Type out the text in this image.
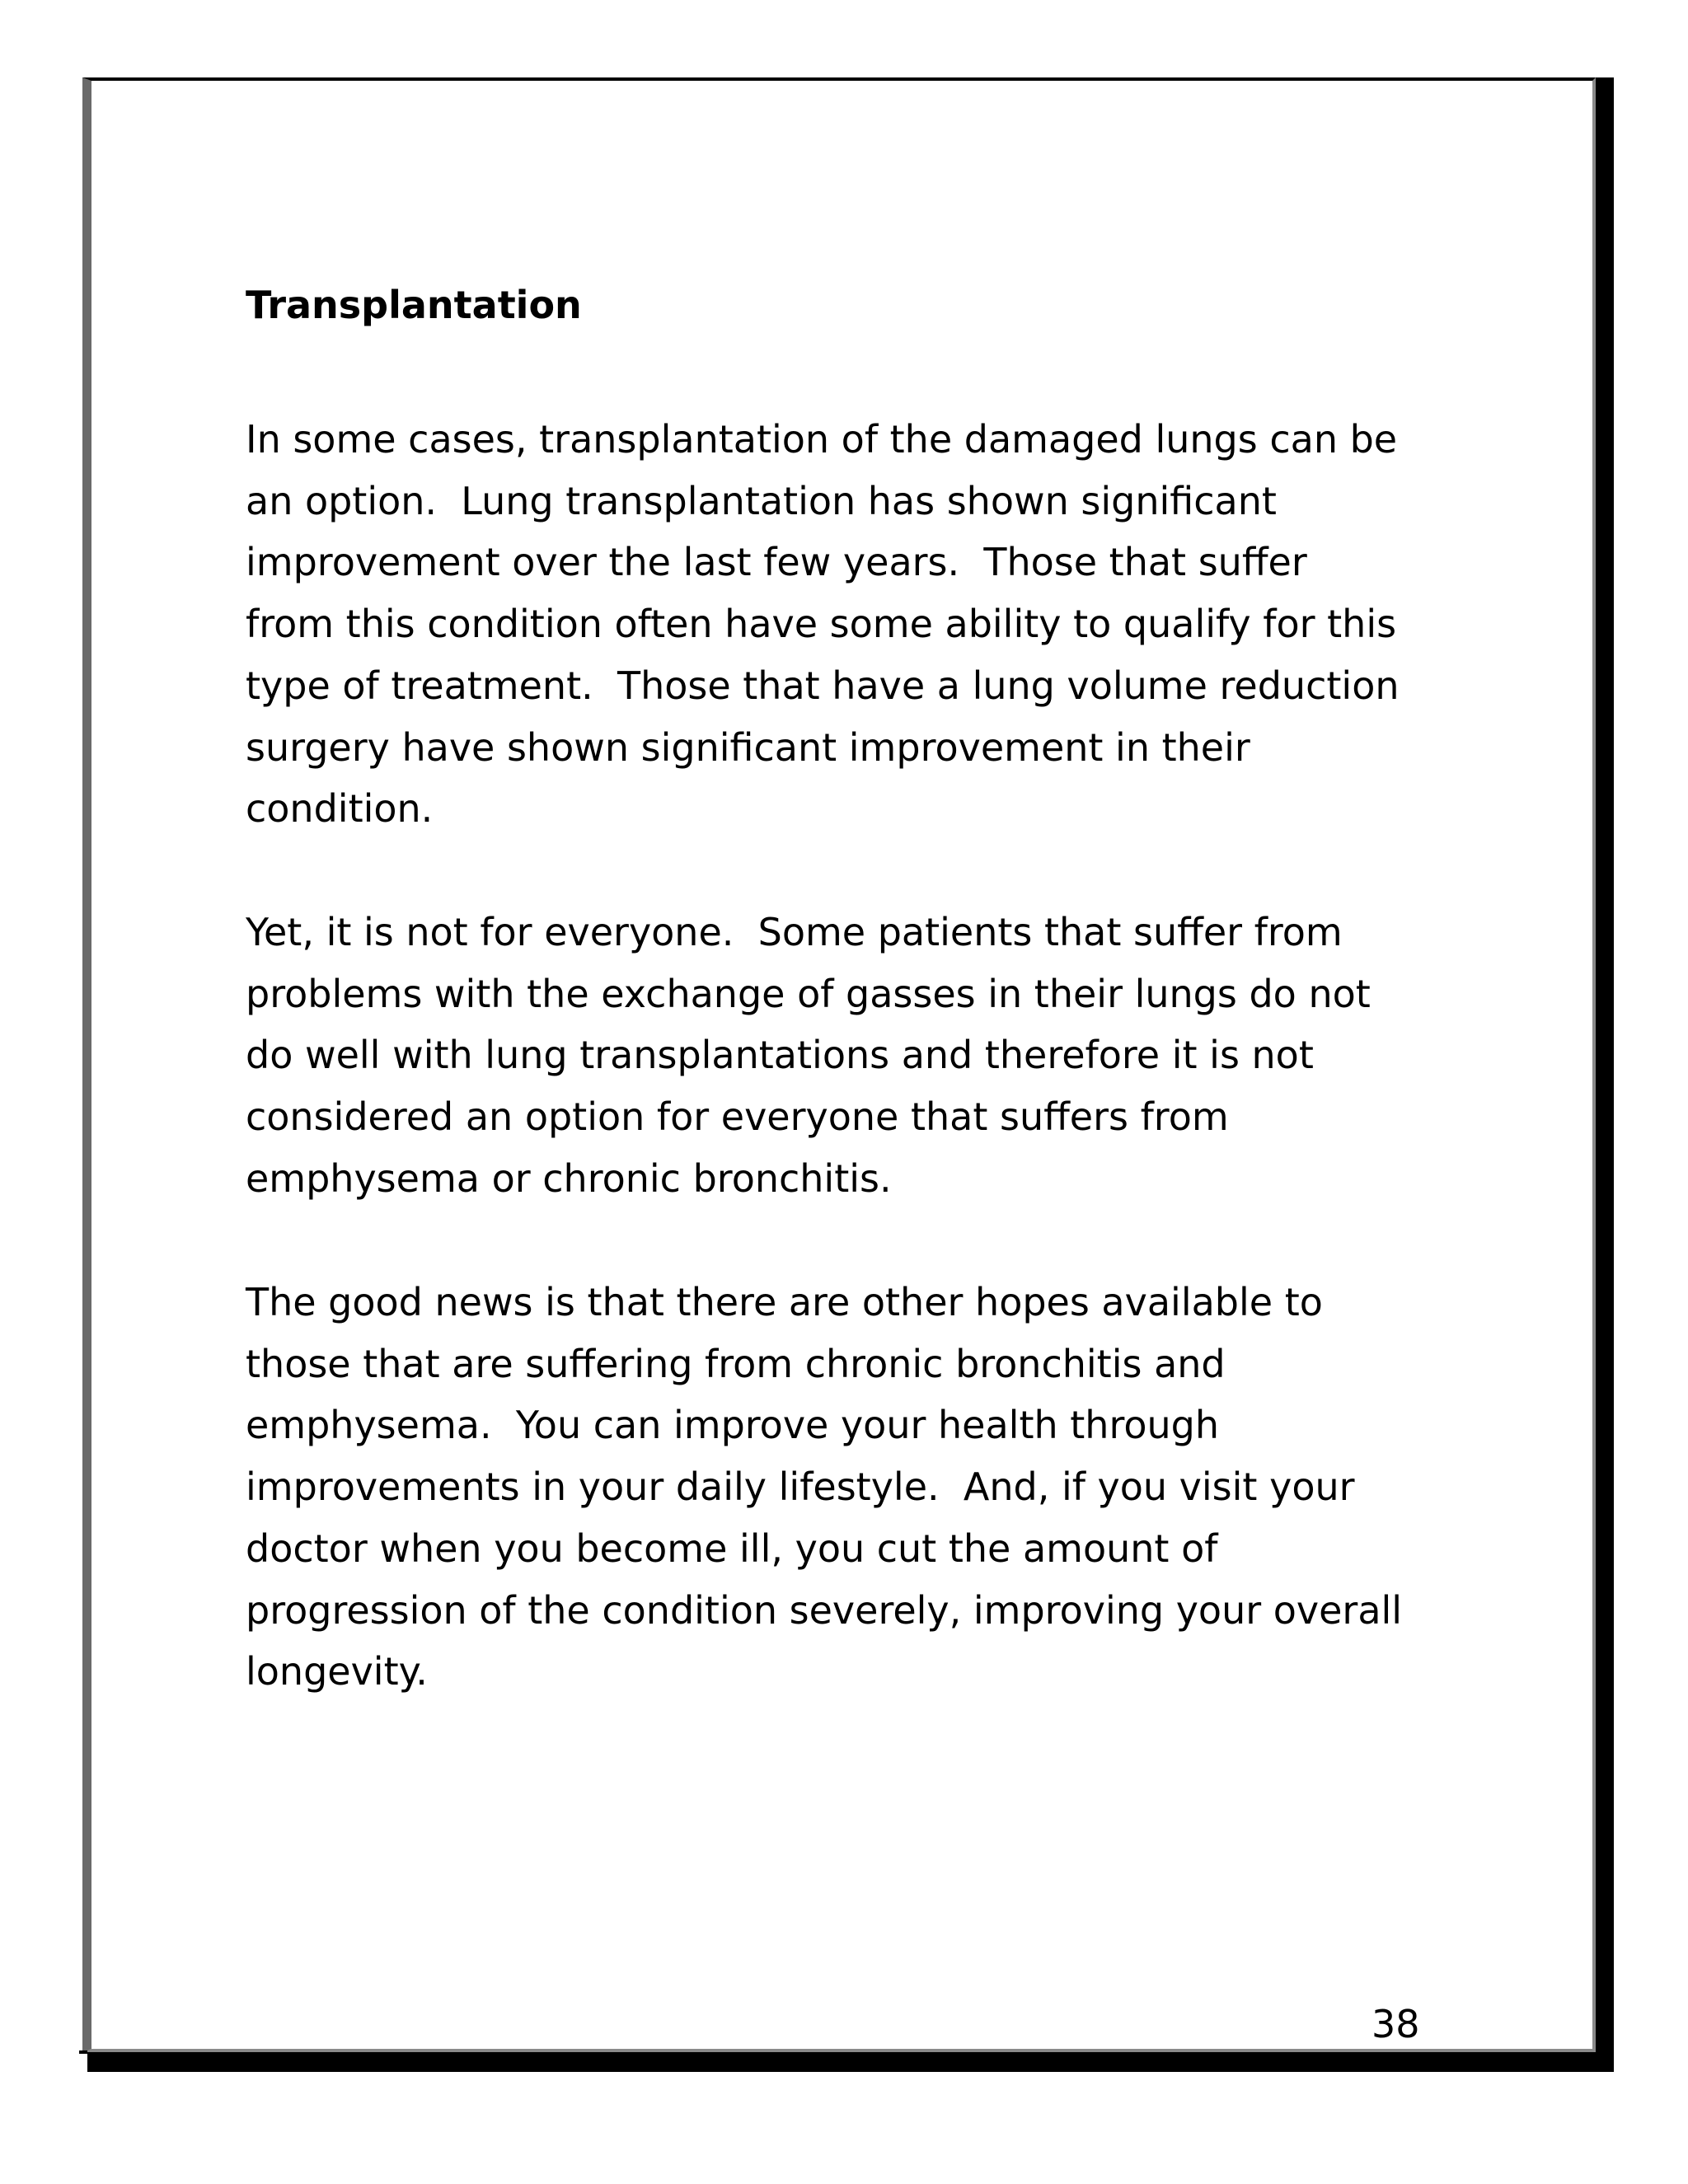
Transplantation

In some cases, transplantation of the damaged lungs can be
an option.  Lung transplantation has shown significant
improvement over the last few years.  Those that suffer
from this condition often have some ability to qualify for this
type of treatment.  Those that have a lung volume reduction
surgery have shown significant improvement in their
condition.

Yet, it is not for everyone.  Some patients that suffer from
problems with the exchange of gasses in their lungs do not
do well with lung transplantations and therefore it is not
considered an option for everyone that suffers from
emphysema or chronic bronchitis.

The good news is that there are other hopes available to
those that are suffering from chronic bronchitis and
emphysema.  You can improve your health through
improvements in your daily lifestyle.  And, if you visit your
doctor when you become ill, you cut the amount of
progression of the condition severely, improving your overall
longevity.

38
